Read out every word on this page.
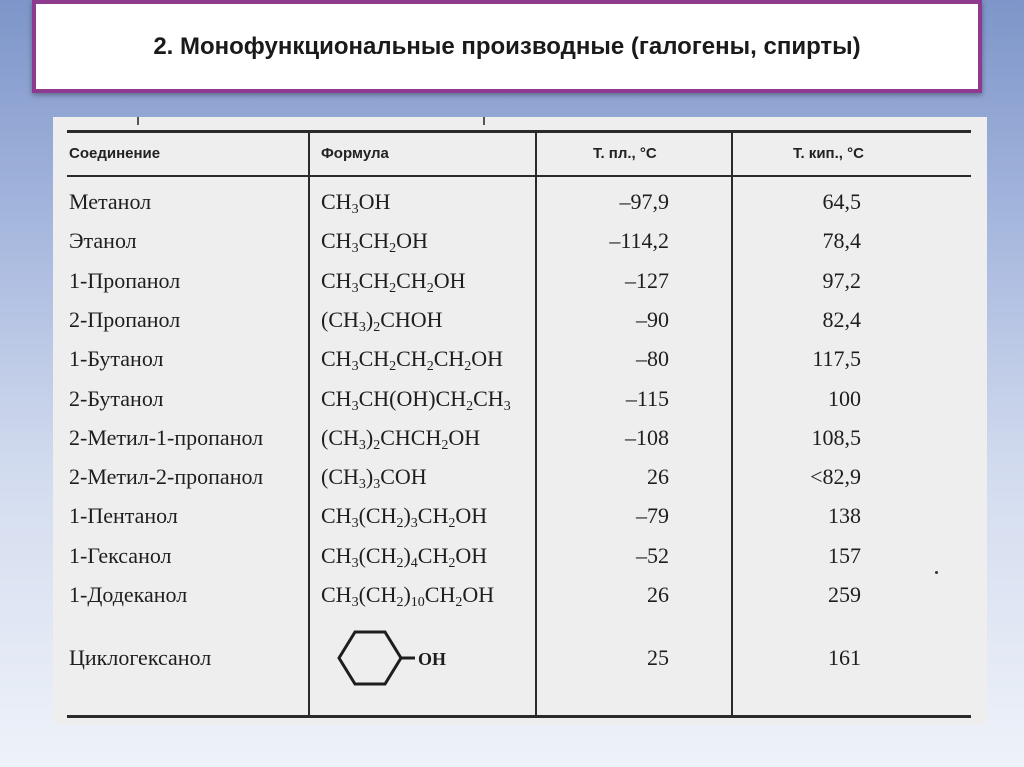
2. Монофункциональные производные (галогены, спирты)
Соединение	Формула	Т. пл., °С	Т. кип., °С
Метанол	$CH_3OH$	–97,9	64,5
Этанол	$CH_3CH_2OH$	–114,2	78,4
1-Пропанол	$CH_3CH_2CH_2OH$	–127	97,2
2-Пропанол	$(CH_3)_2CHOH$	–90	82,4
1-Бутанол	$CH_3CH_2CH_2CH_2OH$	–80	117,5
2-Бутанол	$CH_3CH(OH)CH_2CH_3$	–115	100
2-Метил-1-пропанол	$(CH_3)_2CHCH_2OH$	–108	108,5
2-Метил-2-пропанол	$(CH_3)_3COH$	26	<82,9
1-Пентанол	$CH_3(CH_2)_3CH_2OH$	–79	138
1-Гексанол	$CH_3(CH_2)_4CH_2OH$	–52	157
1-Додеканол	$CH_3(CH_2)_{10}CH_2OH$	26	259
Циклогексанол	OH	25	161
